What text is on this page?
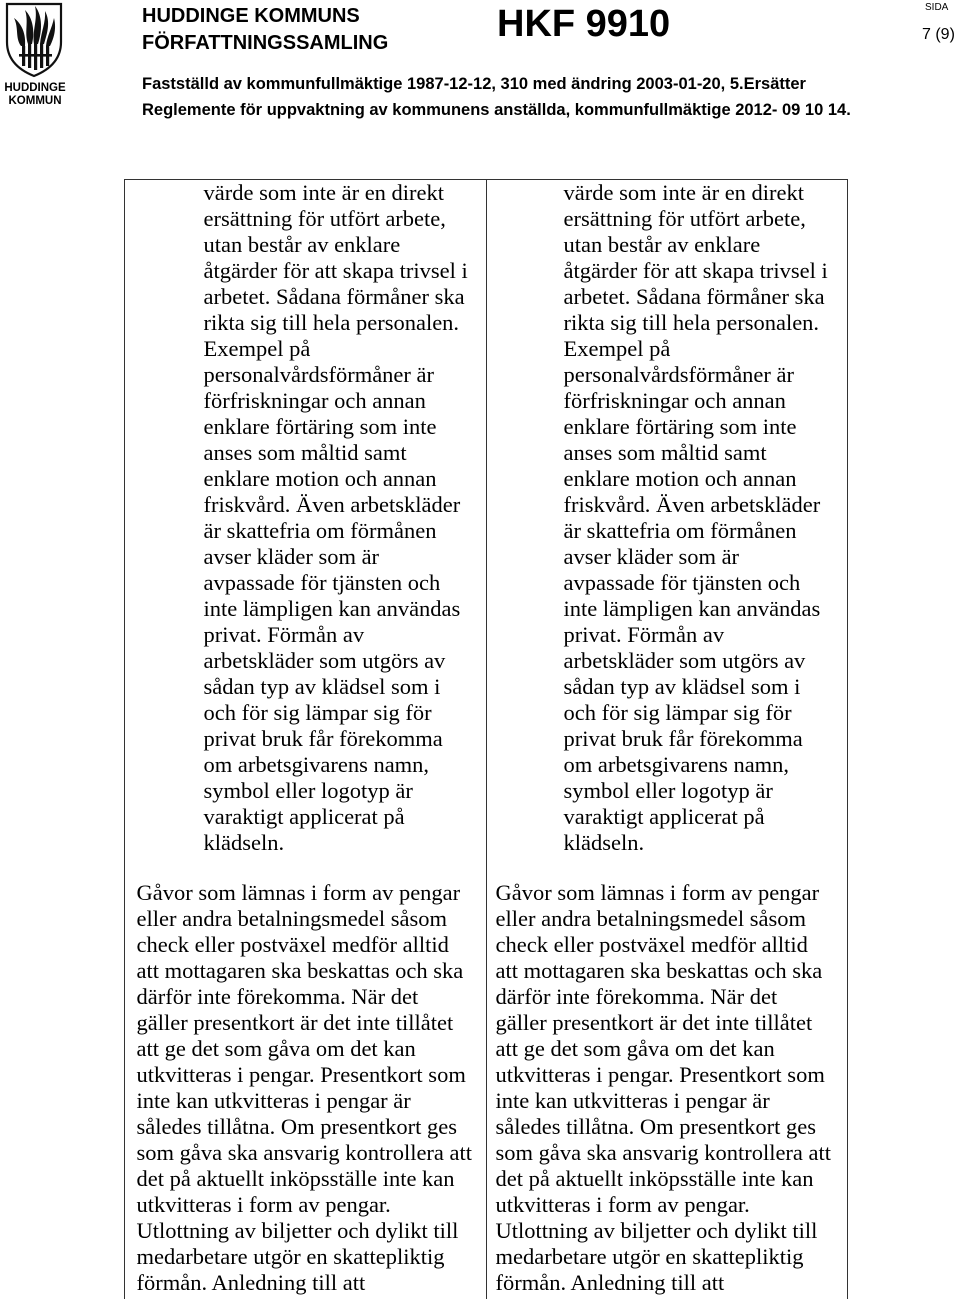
HUDDINGE
KOMMUN
HUDDINGE KOMMUNS
FÖRFATTNINGSSAMLING	HKF 9910	SIDA
7 (9)
Fastställd av kommunfullmäktige 1987-12-12, 310 med ändring 2003-01-20, 5.Ersätter
Reglemente för uppvaktning av kommunens anställda, kommunfullmäktige 2012- 09 10 14.
värde som inte är en direkt
ersättning för utfört arbete,
utan består av enklare
åtgärder för att skapa trivsel i
arbetet. Sådana förmåner ska
rikta sig till hela personalen.
Exempel på
personalvårdsförmåner är
förfriskningar och annan
enklare förtäring som inte
anses som måltid samt
enklare motion och annan
friskvård. Även arbetskläder
är skattefria om förmånen
avser kläder som är
avpassade för tjänsten och
inte lämpligen kan användas
privat. Förmån av
arbetskläder som utgörs av
sådan typ av klädsel som i
och för sig lämpar sig för
privat bruk får förekomma
om arbetsgivarens namn,
symbol eller logotyp är
varaktigt applicerat på
klädseln.
Gåvor som lämnas i form av pengar
eller andra betalningsmedel såsom
check eller postväxel medför alltid
att mottagaren ska beskattas och ska
därför inte förekomma. När det
gäller presentkort är det inte tillåtet
att ge det som gåva om det kan
utkvitteras i pengar. Presentkort som
inte kan utkvitteras i pengar är
således tillåtna. Om presentkort ges
som gåva ska ansvarig kontrollera att
det på aktuellt inköpsställe inte kan
utkvitteras i form av pengar.
Utlottning av biljetter och dylikt till
medarbetare utgör en skattepliktig
förmån. Anledning till att
värde som inte är en direkt
ersättning för utfört arbete,
utan består av enklare
åtgärder för att skapa trivsel i
arbetet. Sådana förmåner ska
rikta sig till hela personalen.
Exempel på
personalvårdsförmåner är
förfriskningar och annan
enklare förtäring som inte
anses som måltid samt
enklare motion och annan
friskvård. Även arbetskläder
är skattefria om förmånen
avser kläder som är
avpassade för tjänsten och
inte lämpligen kan användas
privat. Förmån av
arbetskläder som utgörs av
sådan typ av klädsel som i
och för sig lämpar sig för
privat bruk får förekomma
om arbetsgivarens namn,
symbol eller logotyp är
varaktigt applicerat på
klädseln.
Gåvor som lämnas i form av pengar
eller andra betalningsmedel såsom
check eller postväxel medför alltid
att mottagaren ska beskattas och ska
därför inte förekomma. När det
gäller presentkort är det inte tillåtet
att ge det som gåva om det kan
utkvitteras i pengar. Presentkort som
inte kan utkvitteras i pengar är
således tillåtna. Om presentkort ges
som gåva ska ansvarig kontrollera att
det på aktuellt inköpsställe inte kan
utkvitteras i form av pengar.
Utlottning av biljetter och dylikt till
medarbetare utgör en skattepliktig
förmån. Anledning till att
